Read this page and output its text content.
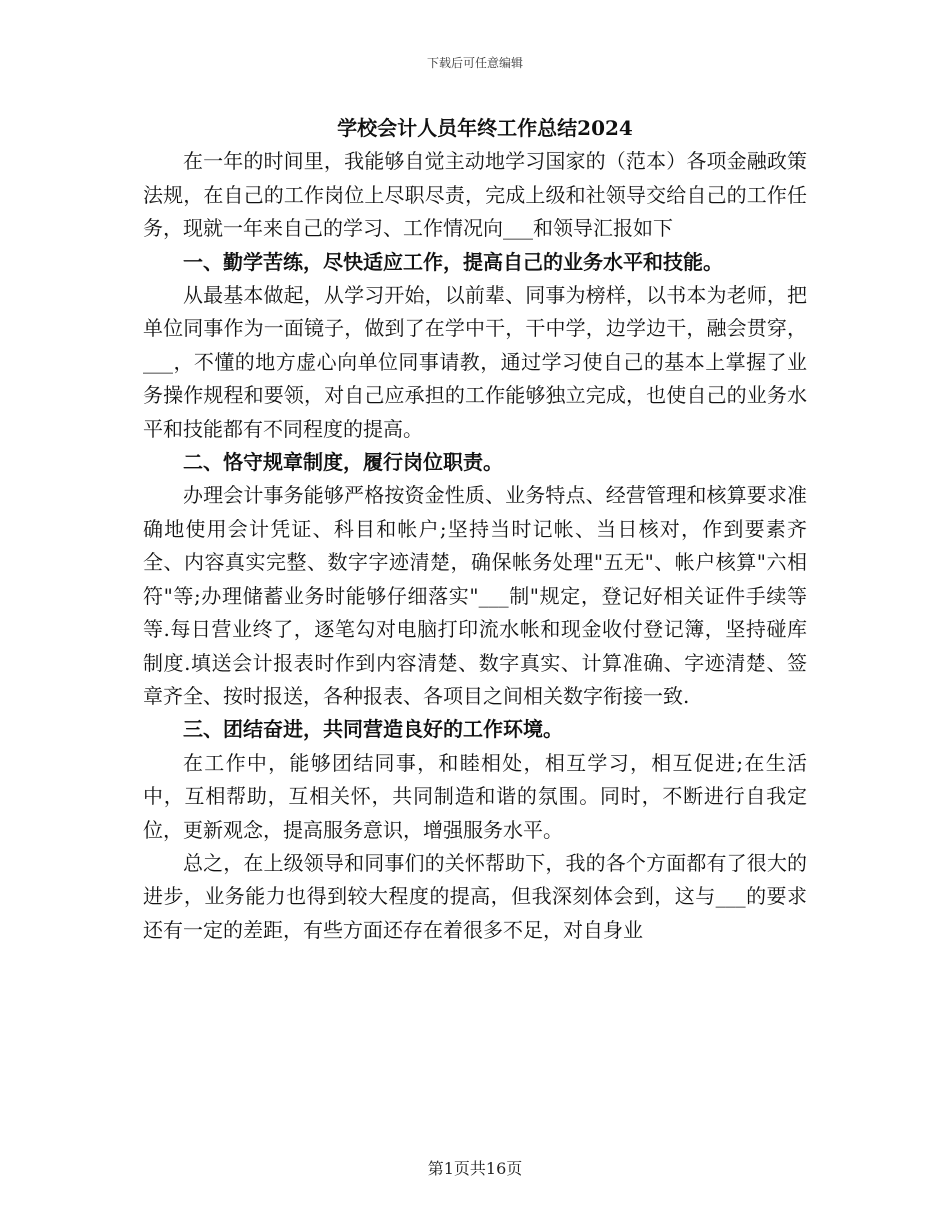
下载后可任意编辑

学校会计人员年终工作总结2024

在一年的时间里，我能够自觉主动地学习国家的（范本）各项金融政策法规，在自己的工作岗位上尽职尽责，完成上级和社领导交给自己的工作任务，现就一年来自己的学习、工作情况向___和领导汇报如下

一、勤学苦练，尽快适应工作，提高自己的业务水平和技能。

从最基本做起，从学习开始，以前辈、同事为榜样，以书本为老师，把单位同事作为一面镜子，做到了在学中干，干中学，边学边干，融会贯穿，___，不懂的地方虚心向单位同事请教，通过学习使自己的基本上掌握了业务操作规程和要领，对自己应承担的工作能够独立完成，也使自己的业务水平和技能都有不同程度的提高。

二、恪守规章制度，履行岗位职责。

办理会计事务能够严格按资金性质、业务特点、经营管理和核算要求准确地使用会计凭证、科目和帐户;坚持当时记帐、当日核对，作到要素齐全、内容真实完整、数字字迹清楚，确保帐务处理"五无"、帐户核算"六相符"等;办理储蓄业务时能够仔细落实"___制"规定，登记好相关证件手续等等.每日营业终了，逐笔勾对电脑打印流水帐和现金收付登记簿，坚持碰库制度.填送会计报表时作到内容清楚、数字真实、计算准确、字迹清楚、签章齐全、按时报送，各种报表、各项目之间相关数字衔接一致.

三、团结奋进，共同营造良好的工作环境。

在工作中，能够团结同事，和睦相处，相互学习，相互促进;在生活中，互相帮助，互相关怀，共同制造和谐的氛围。同时，不断进行自我定位，更新观念，提高服务意识，增强服务水平。

总之，在上级领导和同事们的关怀帮助下，我的各个方面都有了很大的进步，业务能力也得到较大程度的提高，但我深刻体会到，这与___的要求还有一定的差距，有些方面还存在着很多不足，对自身业

第1页共16页
